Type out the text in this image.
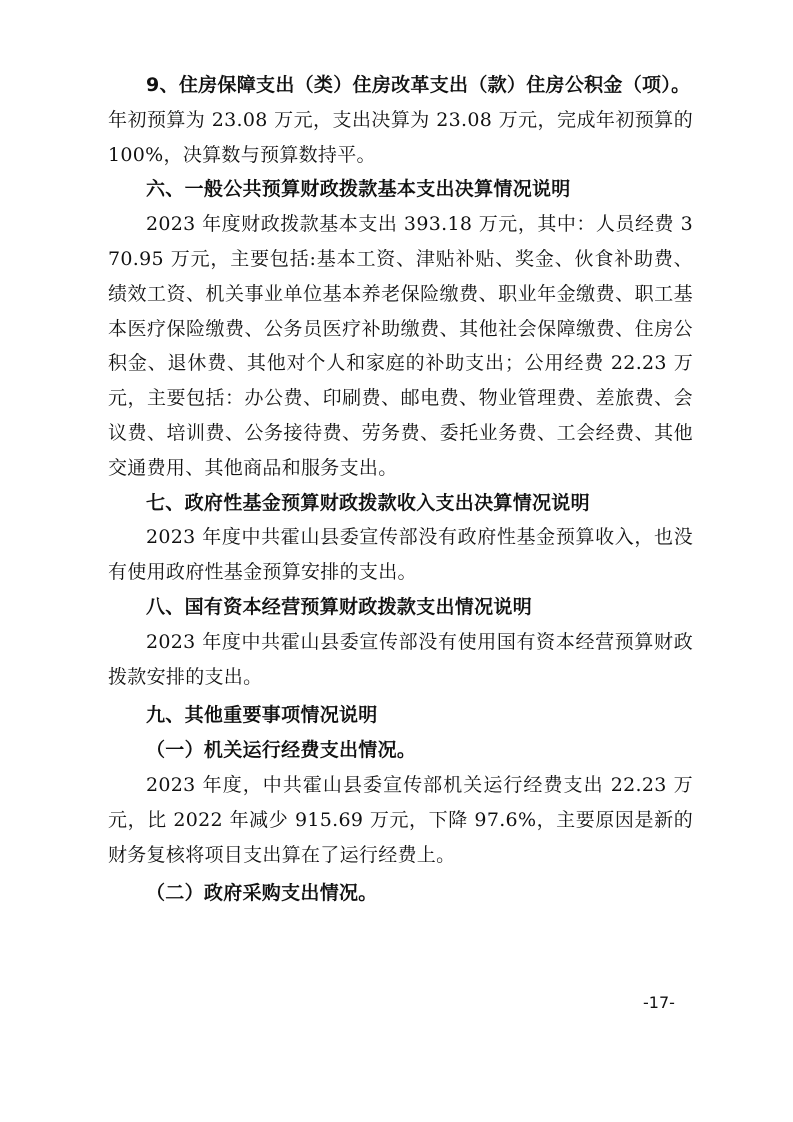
9、住房保障支出（类）住房改革支出（款）住房公积金（项）。

年初预算为 23.08 万元，支出决算为 23.08 万元，完成年初预算的 100%，决算数与预算数持平。

六、一般公共预算财政拨款基本支出决算情况说明

2023 年度财政拨款基本支出 393.18 万元，其中：人员经费 370.95 万元，主要包括:基本工资、津贴补贴、奖金、伙食补助费、绩效工资、机关事业单位基本养老保险缴费、职业年金缴费、职工基本医疗保险缴费、公务员医疗补助缴费、其他社会保障缴费、住房公积金、退休费、其他对个人和家庭的补助支出；公用经费 22.23 万元，主要包括：办公费、印刷费、邮电费、物业管理费、差旅费、会议费、培训费、公务接待费、劳务费、委托业务费、工会经费、其他交通费用、其他商品和服务支出。

七、政府性基金预算财政拨款收入支出决算情况说明

2023 年度中共霍山县委宣传部没有政府性基金预算收入，也没有使用政府性基金预算安排的支出。

八、国有资本经营预算财政拨款支出情况说明

2023 年度中共霍山县委宣传部没有使用国有资本经营预算财政拨款安排的支出。

九、其他重要事项情况说明

（一）机关运行经费支出情况。

2023 年度，中共霍山县委宣传部机关运行经费支出 22.23 万元，比 2022 年减少 915.69 万元，下降 97.6%，主要原因是新的财务复核将项目支出算在了运行经费上。

（二）政府采购支出情况。

-17-
